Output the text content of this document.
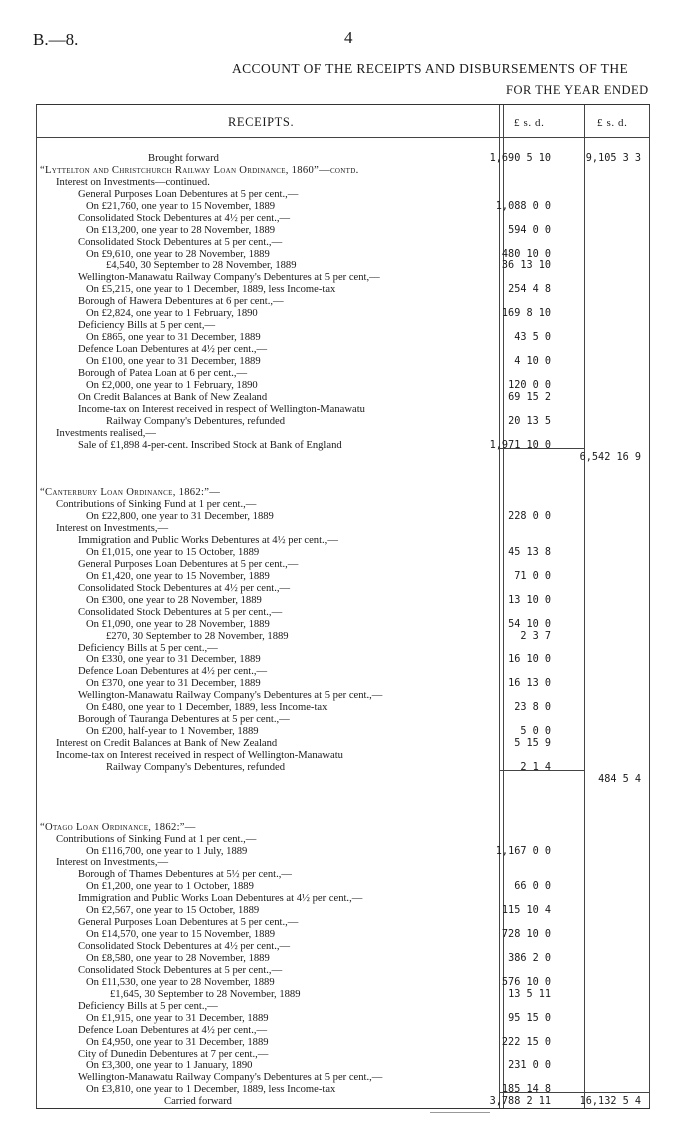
B.—8.	4
ACCOUNT OF THE RECEIPTS AND DISBURSEMENTS OF THE
FOR THE YEAR ENDED
RECEIPTS.	£ s. d.	£ s. d.
Brought forward	1,690 5 10	9,105 3 3
“Lyttelton and Christchurch Railway Loan Ordinance, 1860”—contd.
Interest on Investments—continued.
General Purposes Loan Debentures at 5 per cent.,—
On £21,760, one year to 15 November, 1889	1,088 0 0
Consolidated Stock Debentures at 4½ per cent.,—
On £13,200, one year to 28 November, 1889	594 0 0
Consolidated Stock Debentures at 5 per cent.,—
On £9,610, one year to 28 November, 1889	480 10 0
£4,540, 30 September to 28 November, 1889	36 13 10
Wellington-Manawatu Railway Company's Debentures at 5 per cent,—
On £5,215, one year to 1 December, 1889, less Income-tax	254 4 8
Borough of Hawera Debentures at 6 per cent.,—
On £2,824, one year to 1 February, 1890	169 8 10
Deficiency Bills at 5 per cent,—
On £865, one year to 31 December, 1889	43 5 0
Defence Loan Debentures at 4½ per cent.,—
On £100, one year to 31 December, 1889	4 10 0
Borough of Patea Loan at 6 per cent.,—
On £2,000, one year to 1 February, 1890	120 0 0
On Credit Balances at Bank of New Zealand	69 15 2
Income-tax on Interest received in respect of Wellington-Manawatu
Railway Company's Debentures, refunded	20 13 5
Investments realised,—
Sale of £1,898 4-per-cent. Inscribed Stock at Bank of England	1,971 10 0
6,542 16 9
“Canterbury Loan Ordinance, 1862:”—
Contributions of Sinking Fund at 1 per cent.,—
On £22,800, one year to 31 December, 1889	228 0 0
Interest on Investments,—
Immigration and Public Works Debentures at 4½ per cent.,—
On £1,015, one year to 15 October, 1889	45 13 8
General Purposes Loan Debentures at 5 per cent.,—
On £1,420, one year to 15 November, 1889	71 0 0
Consolidated Stock Debentures at 4½ per cent.,—
On £300, one year to 28 November, 1889	13 10 0
Consolidated Stock Debentures at 5 per cent.,—
On £1,090, one year to 28 November, 1889	54 10 0
£270, 30 September to 28 November, 1889	2 3 7
Deficiency Bills at 5 per cent.,—
On £330, one year to 31 December, 1889	16 10 0
Defence Loan Debentures at 4½ per cent.,—
On £370, one year to 31 December, 1889	16 13 0
Wellington-Manawatu Railway Company's Debentures at 5 per cent.,—
On £480, one year to 1 December, 1889, less Income-tax	23 8 0
Borough of Tauranga Debentures at 5 per cent.,—
On £200, half-year to 1 November, 1889	5 0 0
Interest on Credit Balances at Bank of New Zealand	5 15 9
Income-tax on Interest received in respect of Wellington-Manawatu
Railway Company's Debentures, refunded	2 1 4
484 5 4
“Otago Loan Ordinance, 1862:”—
Contributions of Sinking Fund at 1 per cent.,—
On £116,700, one year to 1 July, 1889	1,167 0 0
Interest on Investments,—
Borough of Thames Debentures at 5½ per cent.,—
On £1,200, one year to 1 October, 1889	66 0 0
Immigration and Public Works Loan Debentures at 4½ per cent.,—
On £2,567, one year to 15 October, 1889	115 10 4
General Purposes Loan Debentures at 5 per cent.,—
On £14,570, one year to 15 November, 1889	728 10 0
Consolidated Stock Debentures at 4½ per cent.,—
On £8,580, one year to 28 November, 1889	386 2 0
Consolidated Stock Debentures at 5 per cent.,—
On £11,530, one year to 28 November, 1889	576 10 0
£1,645, 30 September to 28 November, 1889	13 5 11
Deficiency Bills at 5 per cent.,—
On £1,915, one year to 31 December, 1889	95 15 0
Defence Loan Debentures at 4½ per cent.,—
On £4,950, one year to 31 December, 1889	222 15 0
City of Dunedin Debentures at 7 per cent.,—
On £3,300, one year to 1 January, 1890	231 0 0
Wellington-Manawatu Railway Company's Debentures at 5 per cent.,—
On £3,810, one year to 1 December, 1889, less Income-tax	185 14 8
Carried forward	3,788 2 11	16,132 5 4
